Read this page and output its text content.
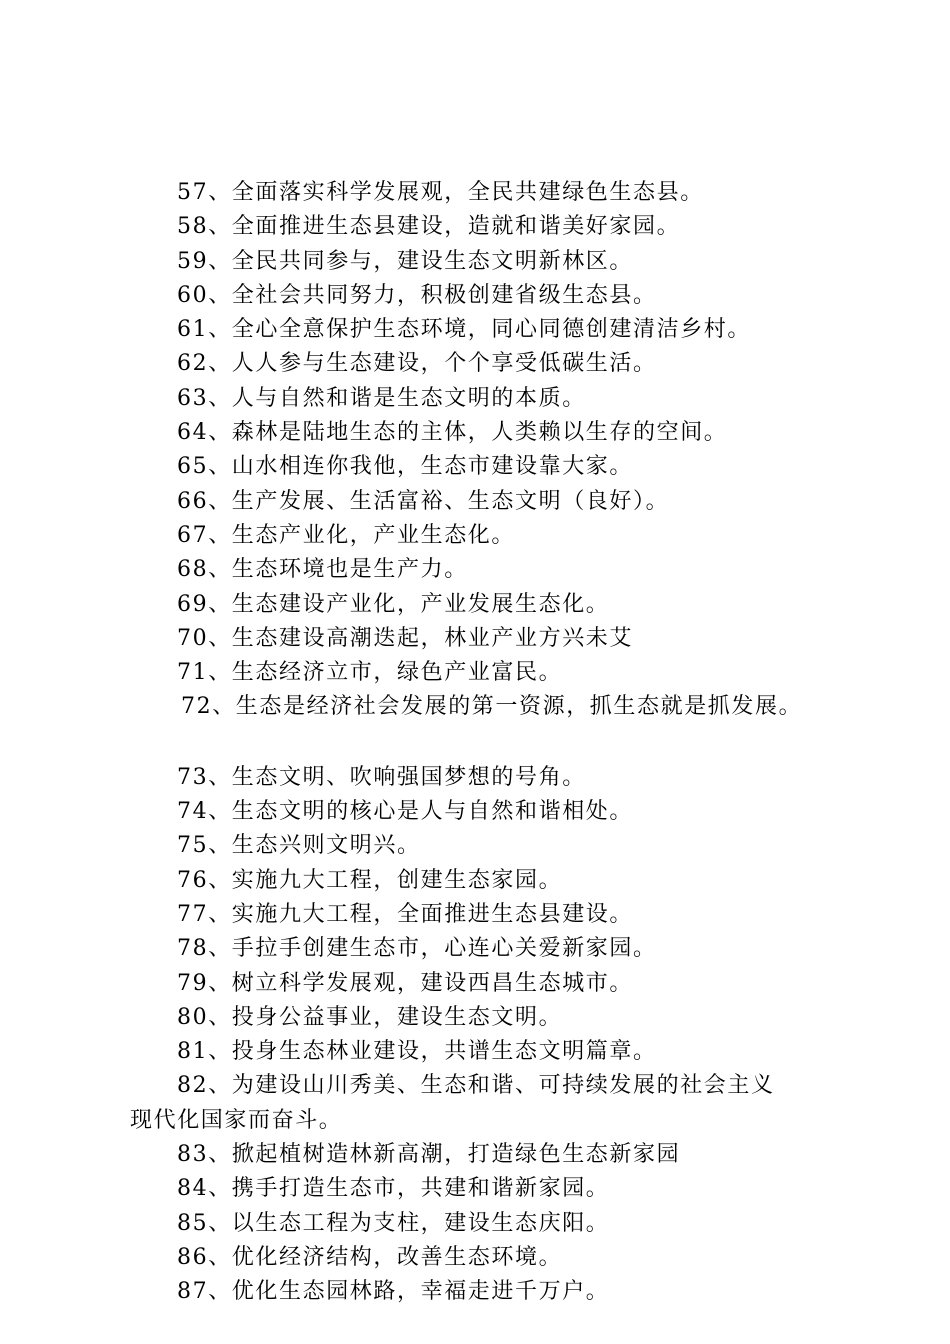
57、全面落实科学发展观，全民共建绿色生态县。
58、全面推进生态县建设，造就和谐美好家园。
59、全民共同参与，建设生态文明新林区。
60、全社会共同努力，积极创建省级生态县。
61、全心全意保护生态环境，同心同德创建清洁乡村。
62、人人参与生态建设，个个享受低碳生活。
63、人与自然和谐是生态文明的本质。
64、森林是陆地生态的主体，人类赖以生存的空间。
65、山水相连你我他，生态市建设靠大家。
66、生产发展、生活富裕、生态文明（良好）。
67、生态产业化，产业生态化。
68、生态环境也是生产力。
69、生态建设产业化，产业发展生态化。
70、生态建设高潮迭起，林业产业方兴未艾
71、生态经济立市，绿色产业富民。
72、生态是经济社会发展的第一资源，抓生态就是抓发展。
73、生态文明、吹响强国梦想的号角。
74、生态文明的核心是人与自然和谐相处。
75、生态兴则文明兴。
76、实施九大工程，创建生态家园。
77、实施九大工程，全面推进生态县建设。
78、手拉手创建生态市，心连心关爱新家园。
79、树立科学发展观，建设西昌生态城市。
80、投身公益事业，建设生态文明。
81、投身生态林业建设，共谱生态文明篇章。
82、为建设山川秀美、生态和谐、可持续发展的社会主义
现代化国家而奋斗。
83、掀起植树造林新高潮，打造绿色生态新家园
84、携手打造生态市，共建和谐新家园。
85、以生态工程为支柱，建设生态庆阳。
86、优化经济结构，改善生态环境。
87、优化生态园林路，幸福走进千万户。
